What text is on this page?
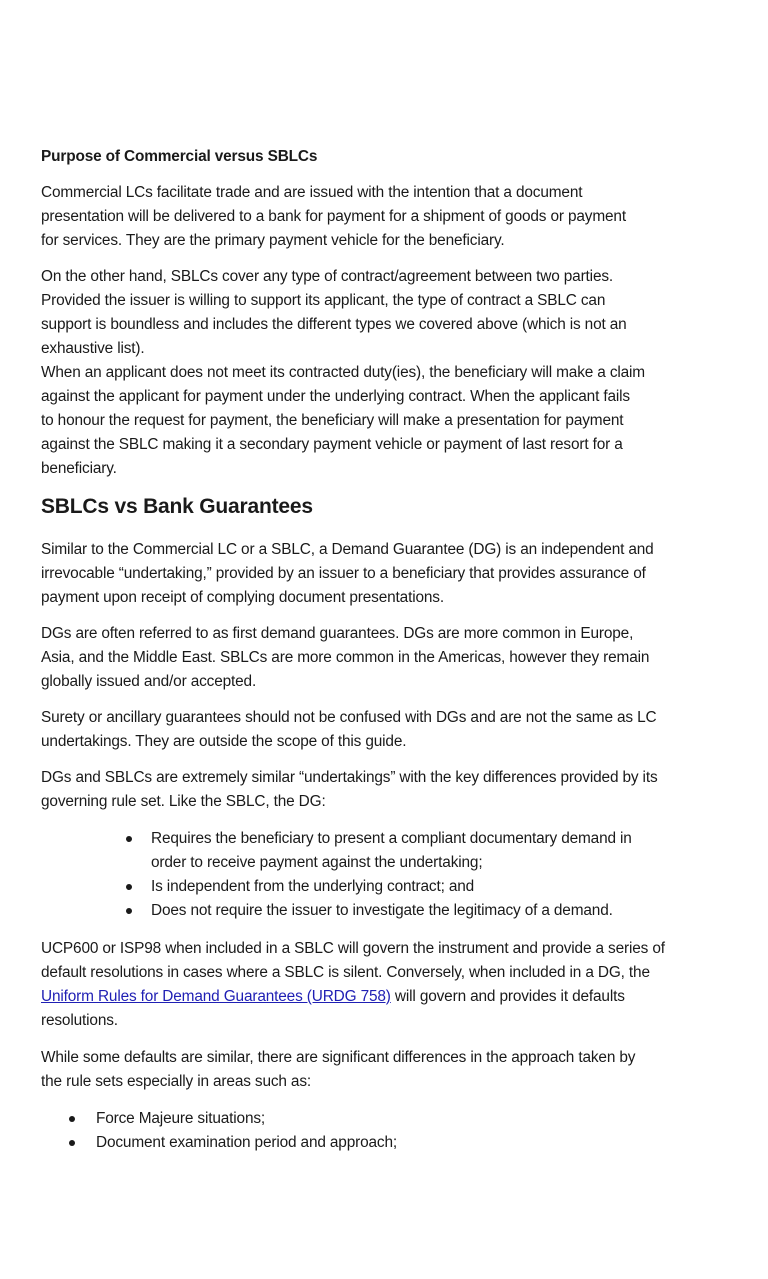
Purpose of Commercial versus SBLCs
Commercial LCs facilitate trade and are issued with the intention that a document
presentation will be delivered to a bank for payment for a shipment of goods or payment
for services. They are the primary payment vehicle for the beneficiary.
On the other hand, SBLCs cover any type of contract/agreement between two parties.
Provided the issuer is willing to support its applicant, the type of contract a SBLC can
support is boundless and includes the different types we covered above (which is not an
exhaustive list).
When an applicant does not meet its contracted duty(ies), the beneficiary will make a claim
against the applicant for payment under the underlying contract. When the applicant fails
to honour the request for payment, the beneficiary will make a presentation for payment
against the SBLC making it a secondary payment vehicle or payment of last resort for a
beneficiary.
SBLCs vs Bank Guarantees
Similar to the Commercial LC or a SBLC, a Demand Guarantee (DG) is an independent and
irrevocable “undertaking,” provided by an issuer to a beneficiary that provides assurance of
payment upon receipt of complying document presentations.
DGs are often referred to as first demand guarantees. DGs are more common in Europe,
Asia, and the Middle East. SBLCs are more common in the Americas, however they remain
globally issued and/or accepted.
Surety or ancillary guarantees should not be confused with DGs and are not the same as LC
undertakings. They are outside the scope of this guide.
DGs and SBLCs are extremely similar “undertakings” with the key differences provided by its
governing rule set. Like the SBLC, the DG:
Requires the beneficiary to present a compliant documentary demand in
order to receive payment against the undertaking;
Is independent from the underlying contract; and
Does not require the issuer to investigate the legitimacy of a demand.
UCP600 or ISP98 when included in a SBLC will govern the instrument and provide a series of
default resolutions in cases where a SBLC is silent. Conversely, when included in a DG, the
Uniform Rules for Demand Guarantees (URDG 758) will govern and provides it defaults
resolutions.
While some defaults are similar, there are significant differences in the approach taken by
the rule sets especially in areas such as:
Force Majeure situations;
Document examination period and approach;
